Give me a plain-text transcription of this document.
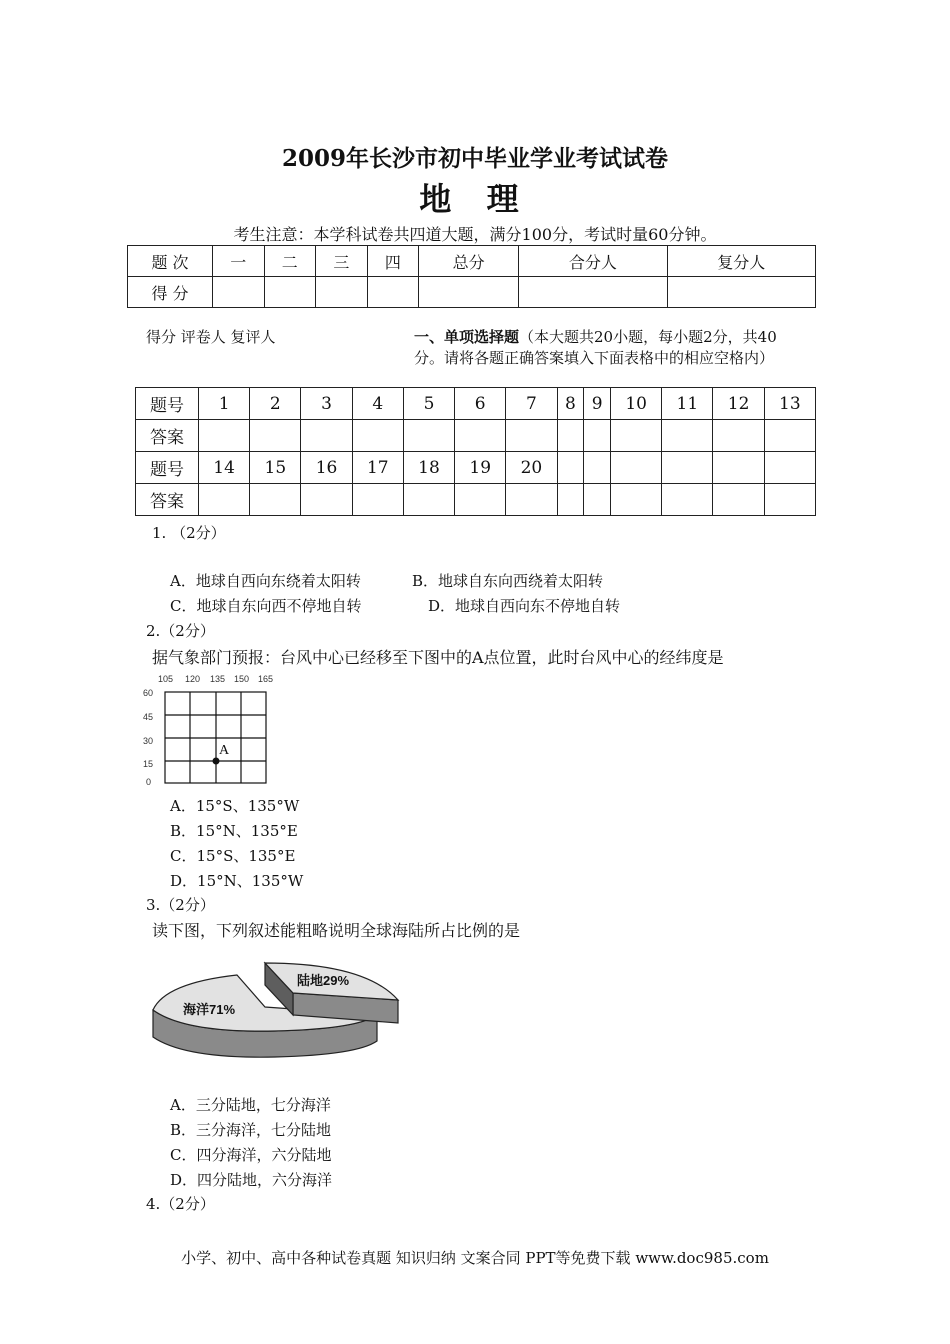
2009年长沙市初中毕业学业考试试卷
地 理
考生注意：本学科试卷共四道大题，满分100分，考试时量60分钟。
题 次	一	二	三	四	总分	合分人	复分人
得 分							
得分 评卷人 复评人	一、单项选择题（本大题共20小题，每小题2分，共40
分。请将各题正确答案填入下面表格中的相应空格内）
题号	1	2	3	4	5	6	7	8	9	10	11	12	13
答案													
题号	14	15	16	17	18	19	20						
答案													
1. （2分）
A．地球自西向东绕着太阳转	B．地球自东向西绕着太阳转
C．地球自东向西不停地自转	D．地球自西向东不停地自转
2.（2分）
据气象部门预报：台风中心已经移至下图中的A点位置，此时台风中心的经纬度是
105 120 135 150 165
60
45
30
15
0
A
A．15°S、135°W
B．15°N、135°E
C．15°S、135°E
D．15°N、135°W
3.（2分）
读下图，下列叙述能粗略说明全球海陆所占比例的是
陆地29%
海洋71%
A．三分陆地，七分海洋
B．三分海洋，七分陆地
C．四分海洋，六分陆地
D．四分陆地，六分海洋
4.（2分）
小学、初中、高中各种试卷真题 知识归纳 文案合同 PPT等免费下载 www.doc985.com
